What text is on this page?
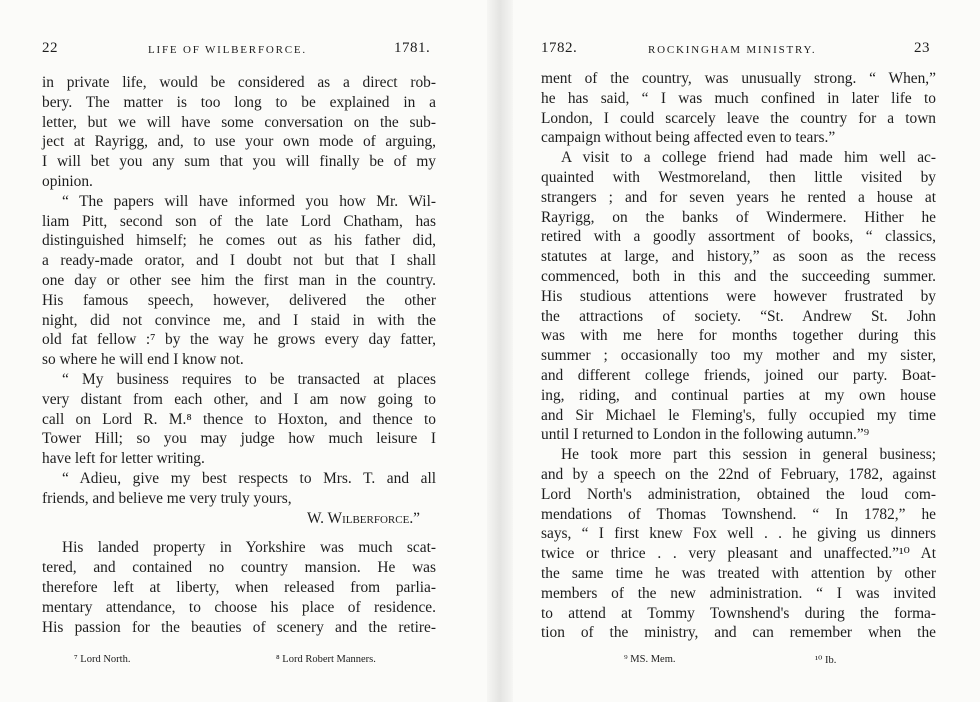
22	LIFE OF WILBERFORCE.	1781.
in private life, would be considered as a direct rob-
bery. The matter is too long to be explained in a
letter, but we will have some conversation on the sub-
ject at Rayrigg, and, to use your own mode of arguing,
I will bet you any sum that you will finally be of my
opinion.
“ The papers will have informed you how Mr. Wil-
liam Pitt, second son of the late Lord Chatham, has
distinguished himself; he comes out as his father did,
a ready-made orator, and I doubt not but that I shall
one day or other see him the first man in the country.
His famous speech, however, delivered the other
night, did not convince me, and I staid in with the
old fat fellow :⁷ by the way he grows every day fatter,
so where he will end I know not.
“ My business requires to be transacted at places
very distant from each other, and I am now going to
call on Lord R. M.⁸ thence to Hoxton, and thence to
Tower Hill; so you may judge how much leisure I
have left for letter writing.
“ Adieu, give my best respects to Mrs. T. and all
friends, and believe me very truly yours,
W. Wilberforce.”
His landed property in Yorkshire was much scat-
tered, and contained no country mansion. He was
therefore left at liberty, when released from parlia-
mentary attendance, to choose his place of residence.
His passion for the beauties of scenery and the retire-
⁷ Lord North.	⁸ Lord Robert Manners.
1782.	ROCKINGHAM MINISTRY.	23
ment of the country, was unusually strong. “ When,”
he has said, “ I was much confined in later life to
London, I could scarcely leave the country for a town
campaign without being affected even to tears.”
A visit to a college friend had made him well ac-
quainted with Westmoreland, then little visited by
strangers ; and for seven years he rented a house at
Rayrigg, on the banks of Windermere. Hither he
retired with a goodly assortment of books, “ classics,
statutes at large, and history,” as soon as the recess
commenced, both in this and the succeeding summer.
His studious attentions were however frustrated by
the attractions of society. “St. Andrew St. John
was with me here for months together during this
summer ; occasionally too my mother and my sister,
and different college friends, joined our party. Boat-
ing, riding, and continual parties at my own house
and Sir Michael le Fleming's, fully occupied my time
until I returned to London in the following autumn.”⁹
He took more part this session in general business;
and by a speech on the 22nd of February, 1782, against
Lord North's administration, obtained the loud com-
mendations of Thomas Townshend. “ In 1782,” he
says, “ I first knew Fox well . . he giving us dinners
twice or thrice . . very pleasant and unaffected.”¹⁰ At
the same time he was treated with attention by other
members of the new administration. “ I was invited
to attend at Tommy Townshend's during the forma-
tion of the ministry, and can remember when the
⁹ MS. Mem.	¹⁰ Ib.
